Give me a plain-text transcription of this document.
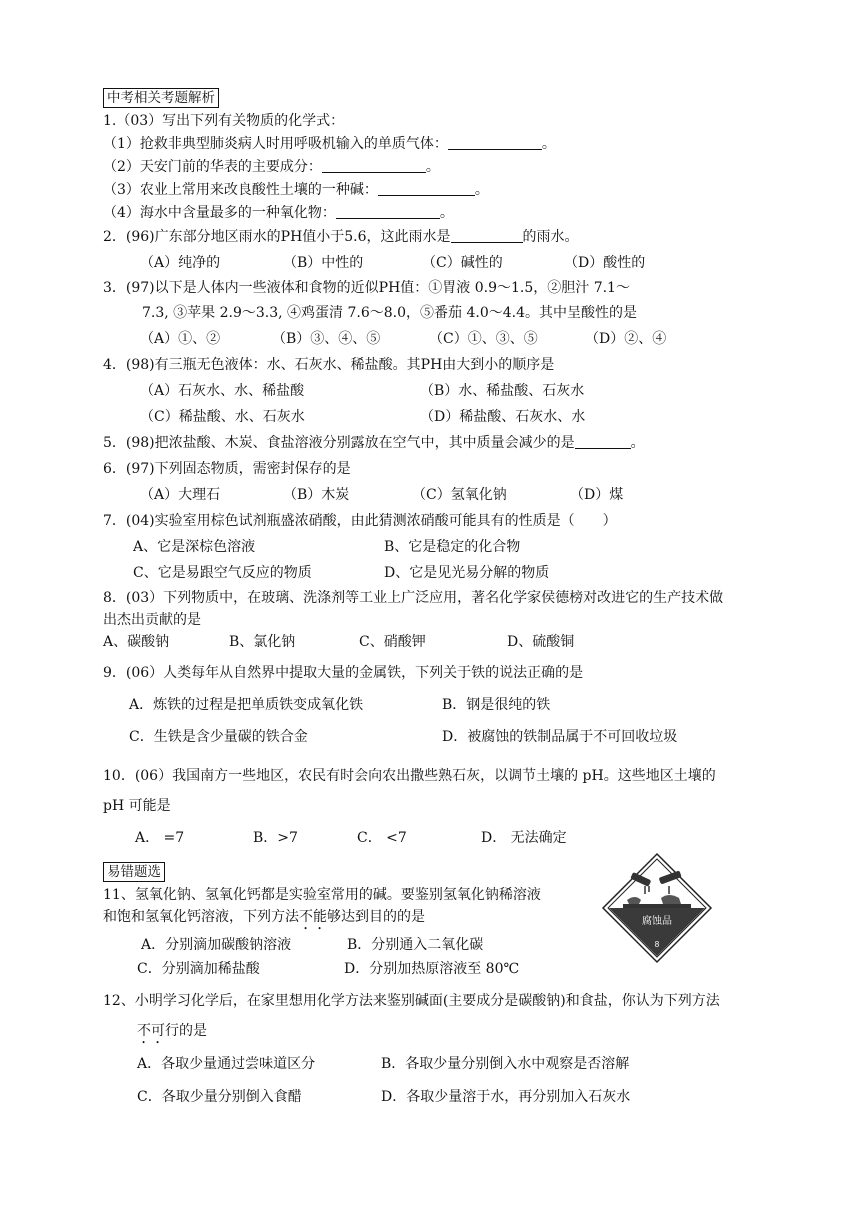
中考相关考题解析
1.（03）写出下列有关物质的化学式：
（1）抢救非典型肺炎病人时用呼吸机输入的单质气体：	。
（2）天安门前的华表的主要成分：	。
（3）农业上常用来改良酸性土壤的一种碱：	。
（4）海水中含量最多的一种氧化物：	。
2．(96)广东部分地区雨水的PH值小于5.6，这此雨水是	的雨水。
（A）纯净的	（B）中性的	（C）碱性的	（D）酸性的
3．(97)以下是人体内一些液体和食物的近似PH值：①胃液 0.9～1.5，②胆汁 7.1～
7.3, ③苹果 2.9～3.3, ④鸡蛋清 7.6～8.0，⑤番茄 4.0～4.4。其中呈酸性的是
（A）①、②	（B）③、④、⑤	（C）①、③、⑤	（D）②、④
4．(98)有三瓶无色液体：水、石灰水、稀盐酸。其PH由大到小的顺序是
（A）石灰水、水、稀盐酸	（B）水、稀盐酸、石灰水
（C）稀盐酸、水、石灰水	（D）稀盐酸、石灰水、水
5．(98)把浓盐酸、木炭、食盐溶液分别露放在空气中，其中质量会减少的是	。
6．(97)下列固态物质，需密封保存的是
（A）大理石	（B）木炭	（C）氢氧化钠	（D）煤
7．(04)实验室用棕色试剂瓶盛浓硝酸，由此猜测浓硝酸可能具有的性质是（　　）
A、它是深棕色溶液	B、它是稳定的化合物
C、它是易跟空气反应的物质	D、它是见光易分解的物质
8．(03）下列物质中，在玻璃、洗涤剂等工业上广泛应用，著名化学家侯德榜对改进它的生产技术做
出杰出贡献的是
A、碳酸钠	B、氯化钠	C、硝酸钾	D、硫酸铜
9．(06）人类每年从自然界中提取大量的金属铁，下列关于铁的说法正确的是
A．炼铁的过程是把单质铁变成氧化铁	B．钢是很纯的铁
C．生铁是含少量碳的铁合金	D．被腐蚀的铁制品属于不可回收垃圾
10．(06）我国南方一些地区，农民有时会向农出撒些熟石灰，以调节土壤的 pH。这些地区土壤的
pH 可能是
A． =7	B．>7	C． <7	D． 无法确定
易错题选
11、氢氧化钠、氢氧化钙都是实验室常用的碱。要鉴别氢氧化钠稀溶液
和饱和氢氧化钙溶液，下列方法不能够达到目的的是
A．分别滴加碳酸钠溶液	B．分别通入二氧化碳
C．分别滴加稀盐酸	D．分别加热原溶液至 80℃
腐蚀品
8
12、小明学习化学后，在家里想用化学方法来鉴别碱面(主要成分是碳酸钠)和食盐，你认为下列方法
不可行的是
A．各取少量通过尝味道区分	B．各取少量分别倒入水中观察是否溶解
C．各取少量分别倒入食醋	D．各取少量溶于水，再分别加入石灰水
